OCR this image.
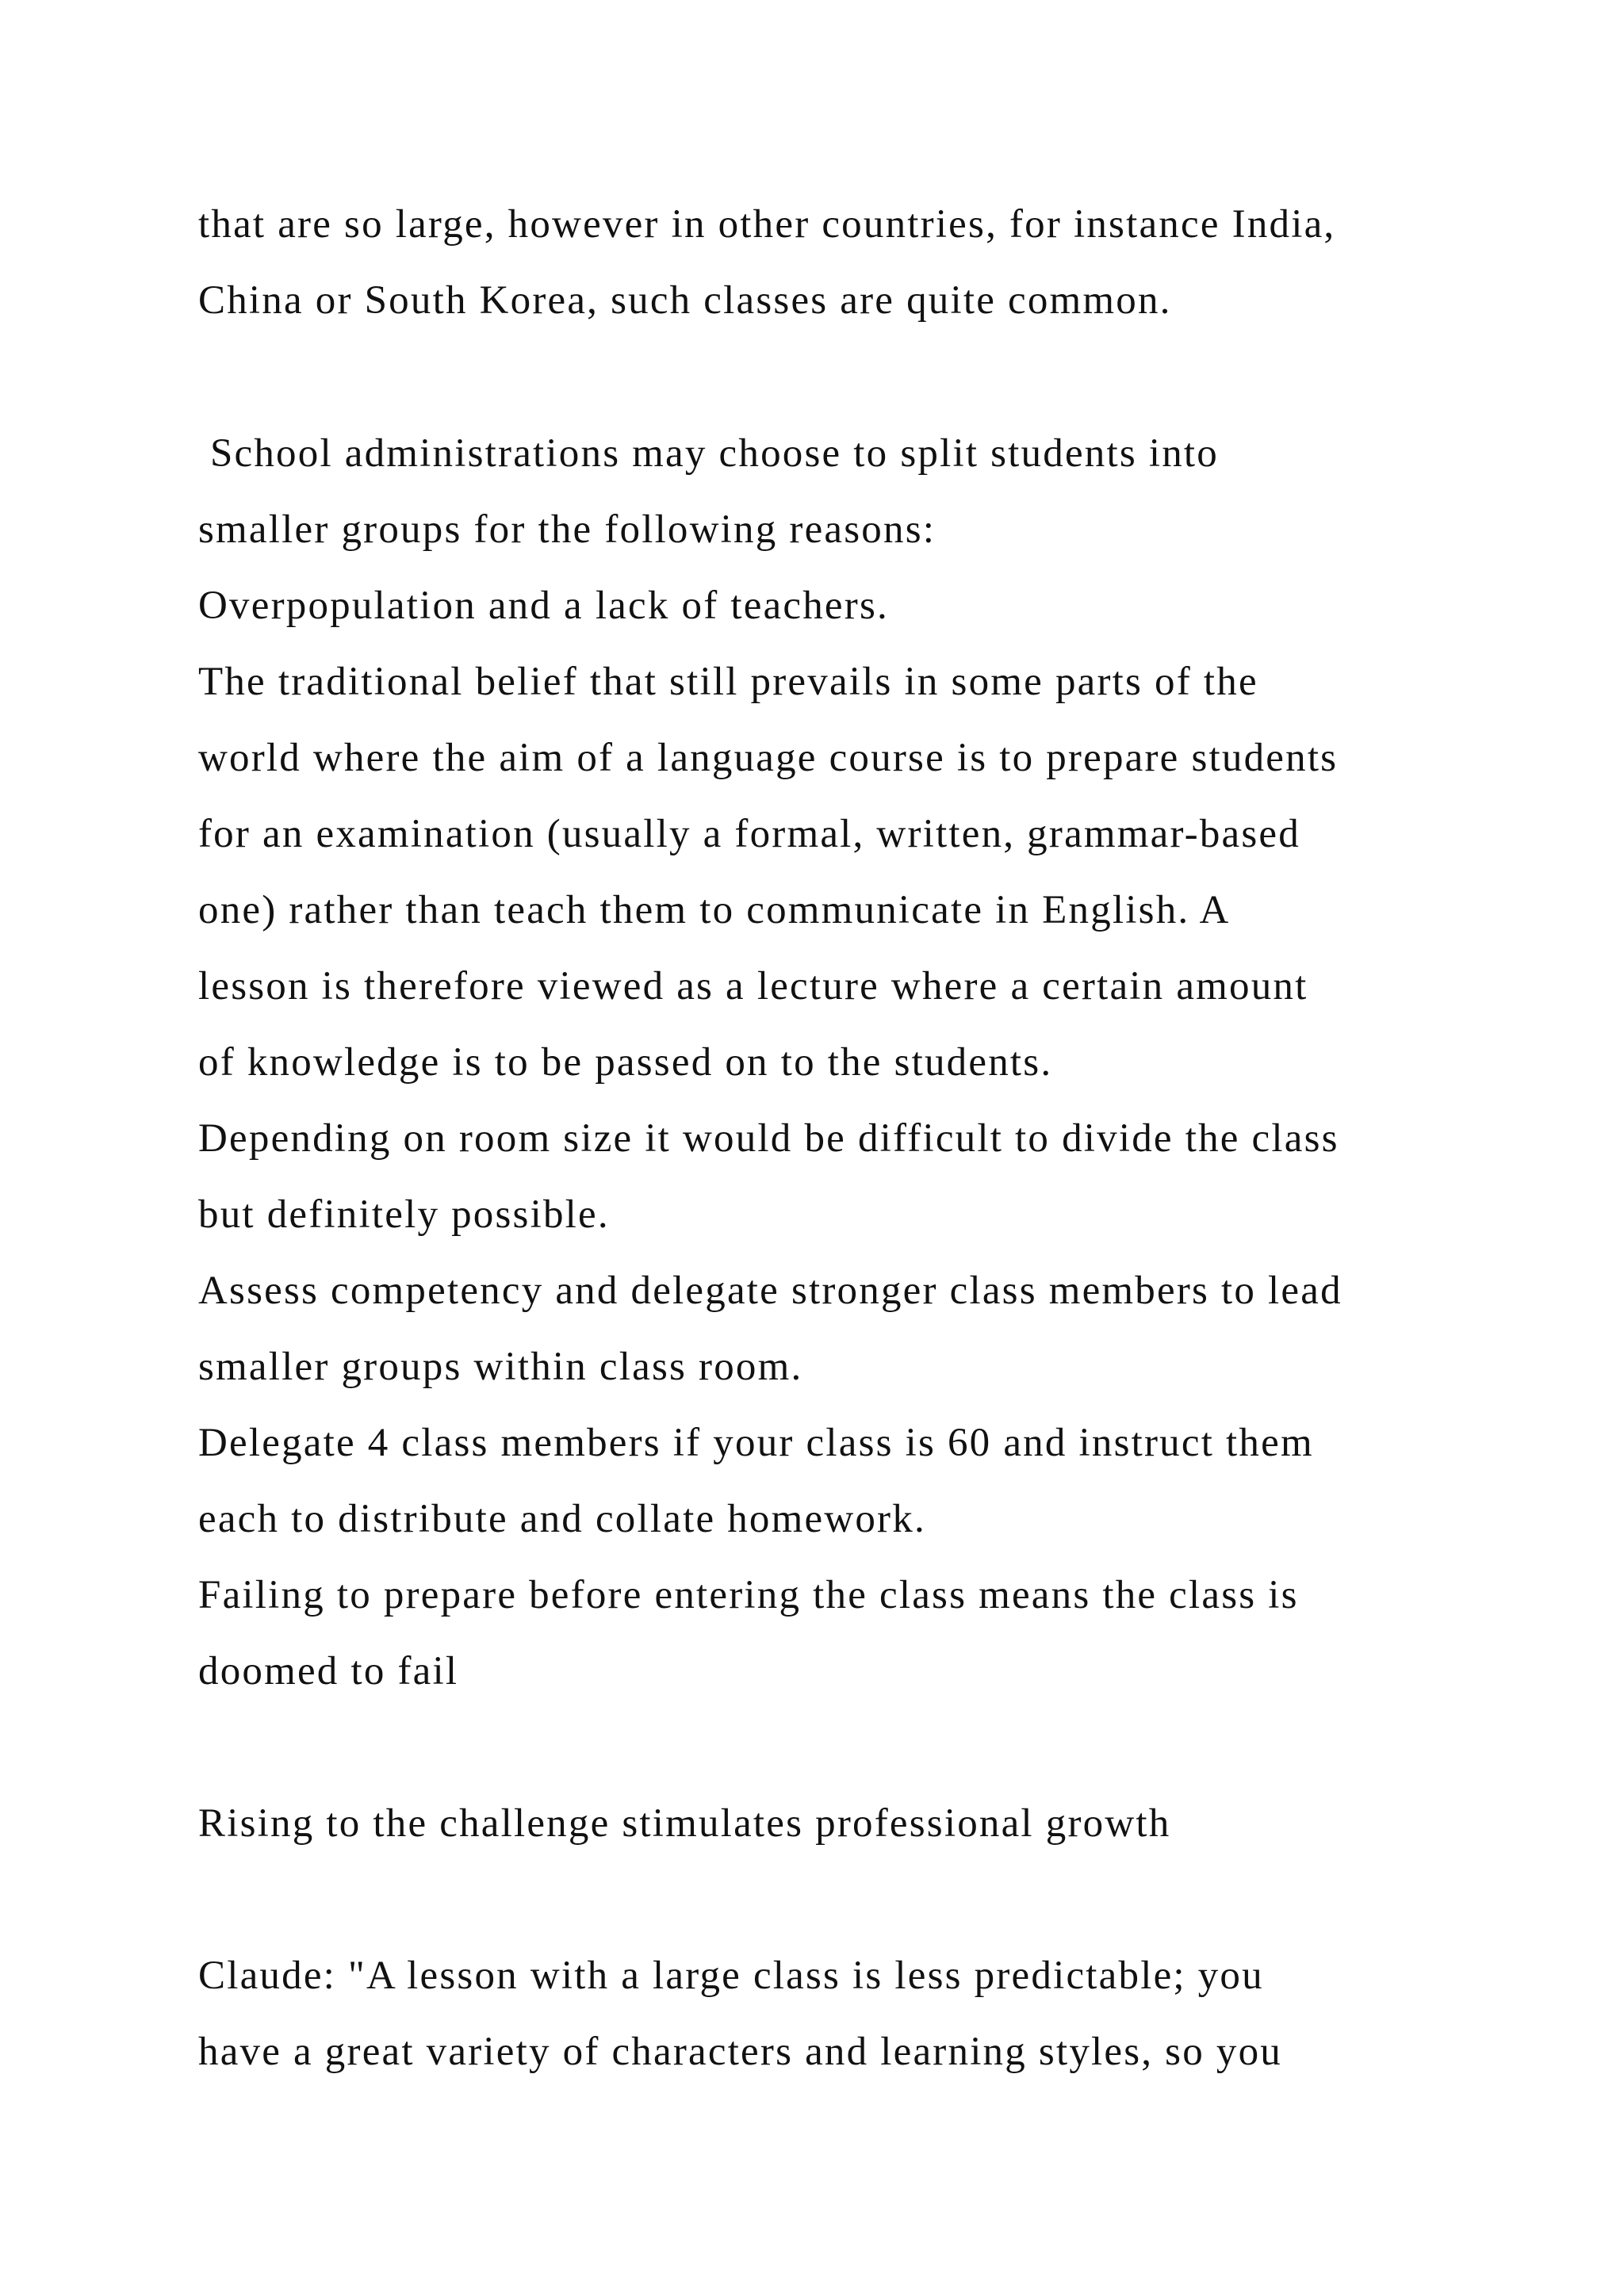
that are so large, however in other countries, for instance India,

China or South Korea, such classes are quite common.

School administrations may choose to split students into

smaller groups for the following reasons:

Overpopulation and a lack of teachers.

The traditional belief that still prevails in some parts of the

world where the aim of a language course is to prepare students

for an examination (usually a formal, written, grammar-based

one) rather than teach them to communicate in English. A

lesson is therefore viewed as a lecture where a certain amount

of knowledge is to be passed on to the students.

Depending on room size it would be difficult to divide the class

but definitely possible.

Assess competency and delegate stronger class members to lead

smaller groups within class room.

Delegate 4 class members if your class is 60 and instruct them

each to distribute and collate homework.

Failing to prepare before entering the class means the class is

doomed to fail

Rising to the challenge stimulates professional growth

Claude: "A lesson with a large class is less predictable; you

have a great variety of characters and learning styles, so you
